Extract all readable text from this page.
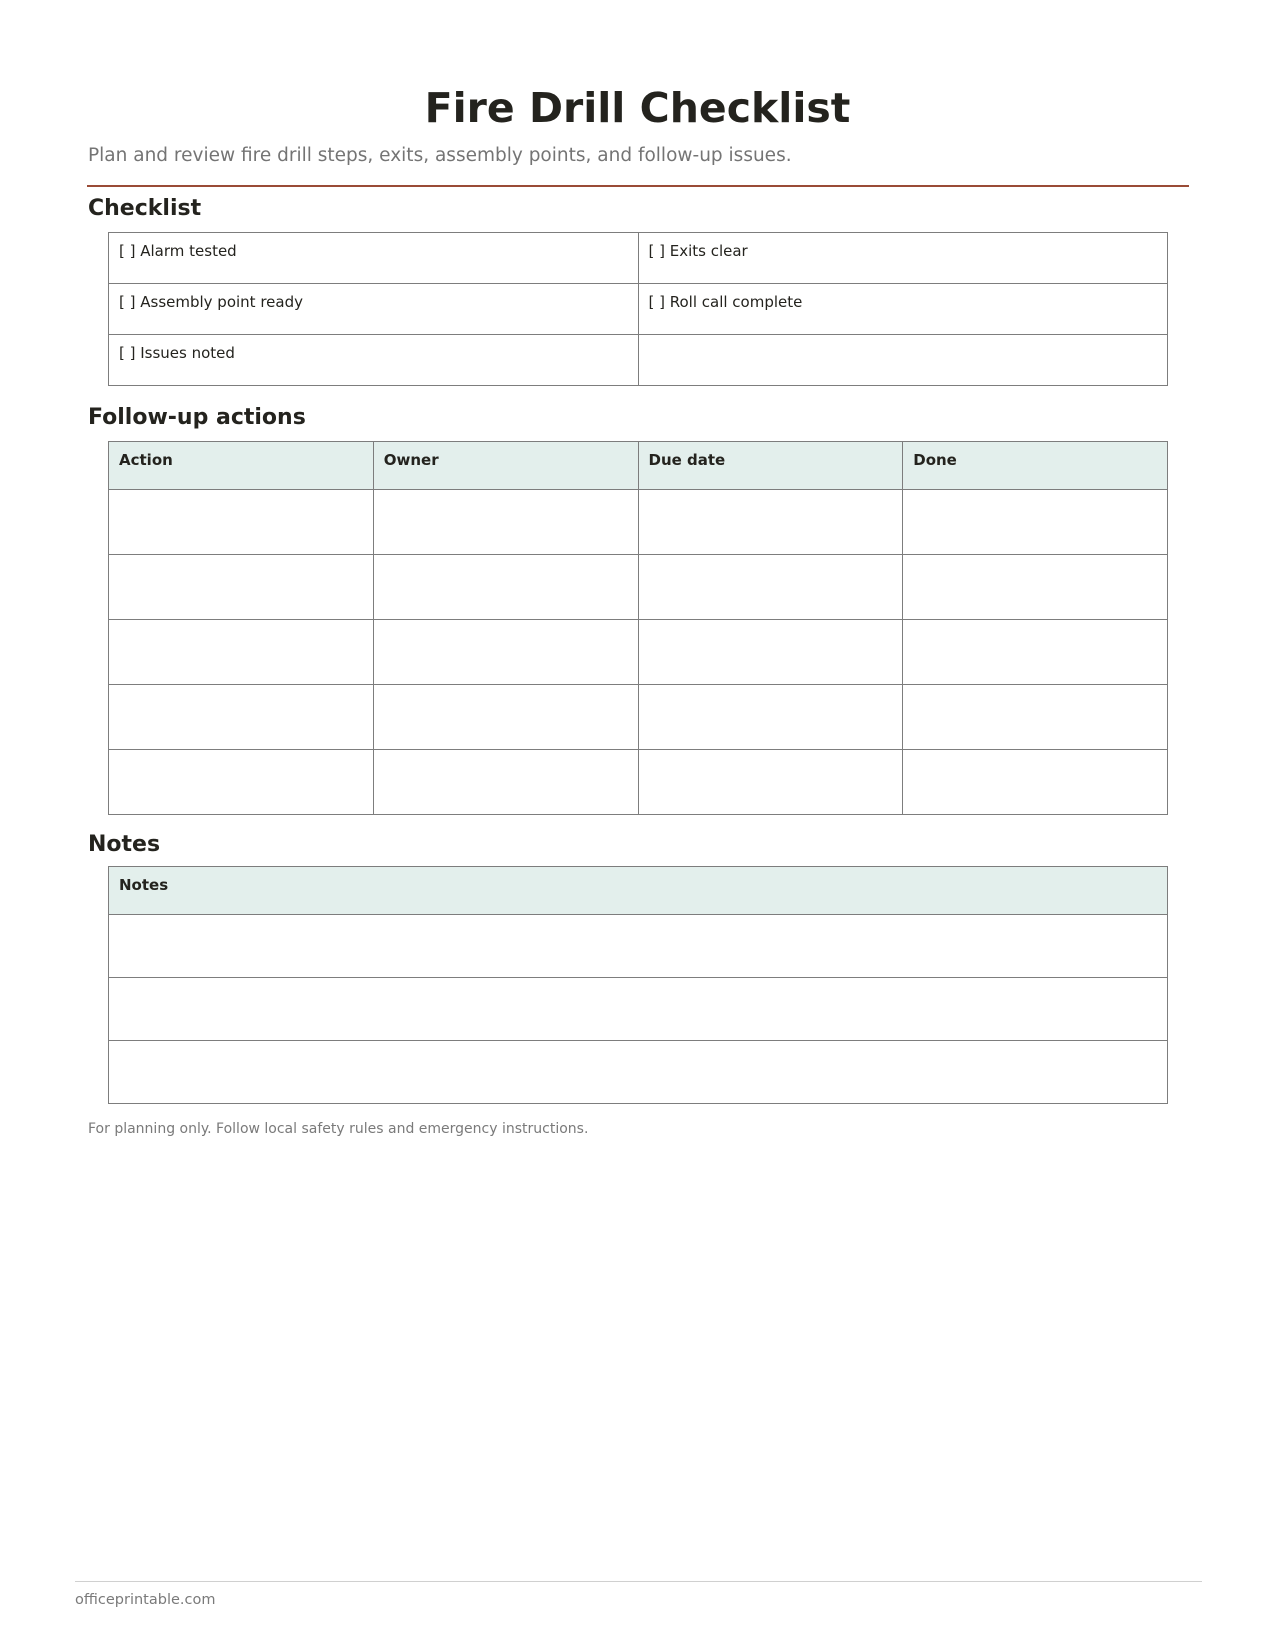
Fire Drill Checklist
Plan and review fire drill steps, exits, assembly points, and follow-up issues.
Checklist
[ ] Alarm tested	[ ] Exits clear
[ ] Assembly point ready	[ ] Roll call complete
[ ] Issues noted	
Follow-up actions
Action	Owner	Due date	Done

Notes
Notes

For planning only. Follow local safety rules and emergency instructions.
officeprintable.com
